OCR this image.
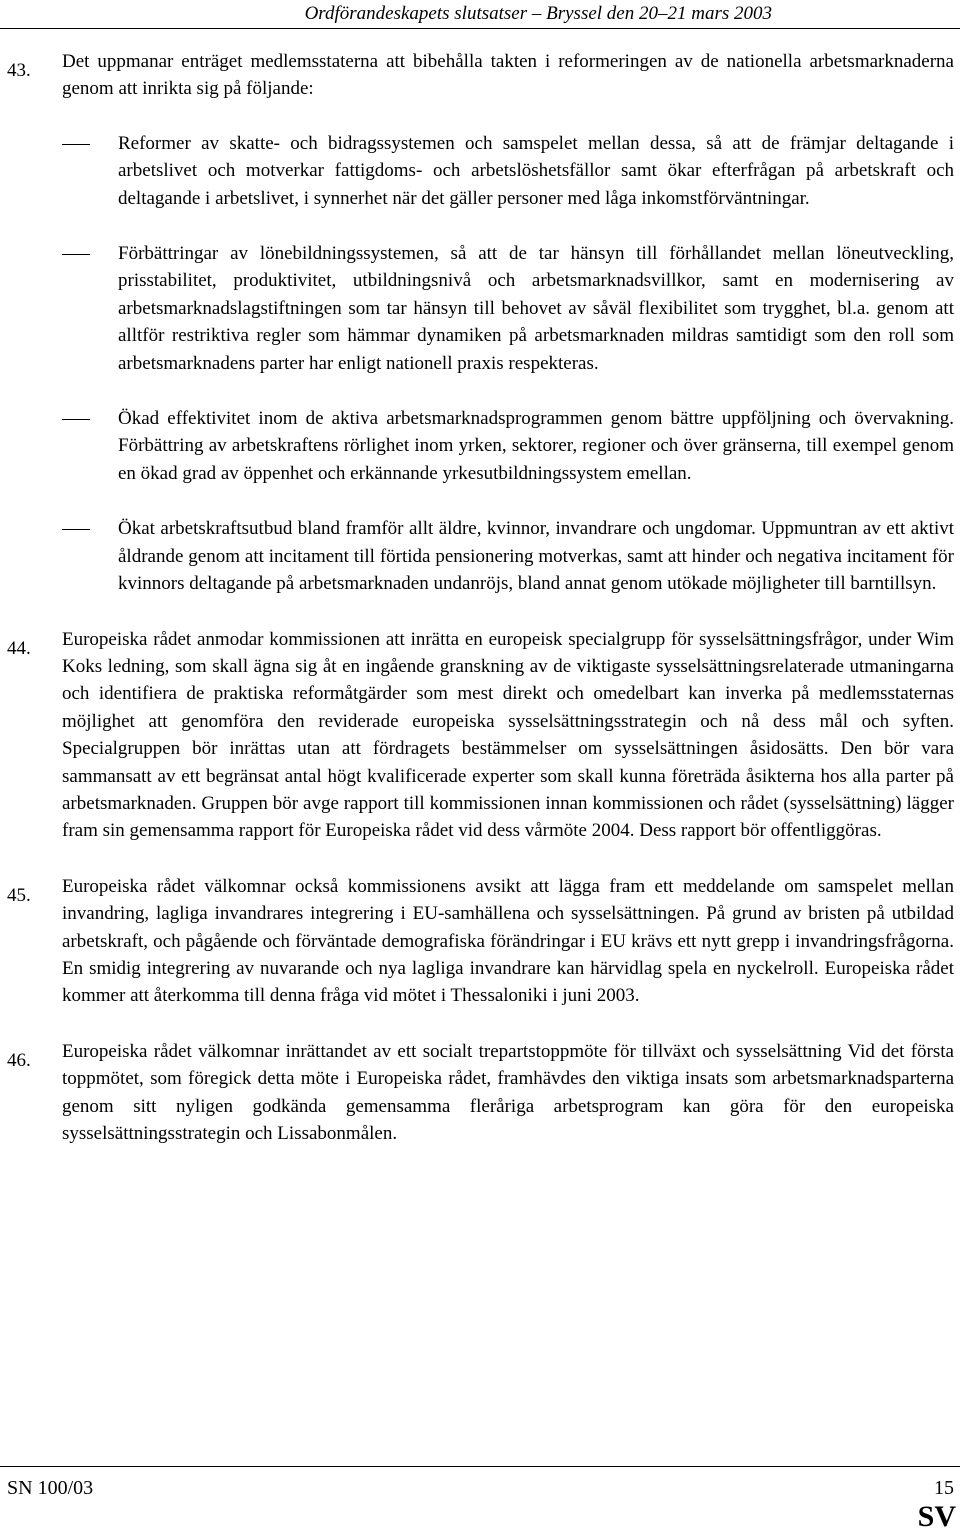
Ordförandeskapets slutsatser – Bryssel den 20–21 mars 2003
43. Det uppmanar enträget medlemsstaterna att bibehålla takten i reformeringen av de nationella arbetsmarknaderna genom att inrikta sig på följande:
Reformer av skatte- och bidragssystemen och samspelet mellan dessa, så att de främjar deltagande i arbetslivet och motverkar fattigdoms- och arbetslöshetsfällor samt ökar efterfrågan på arbetskraft och deltagande i arbetslivet, i synnerhet när det gäller personer med låga inkomstförväntningar.
Förbättringar av lönebildningssystemen, så att de tar hänsyn till förhållandet mellan löneutveckling, prisstabilitet, produktivitet, utbildningsnivå och arbetsmarknadsvillkor, samt en modernisering av arbetsmarknadslagstiftningen som tar hänsyn till behovet av såväl flexibilitet som trygghet, bl.a. genom att alltför restriktiva regler som hämmar dynamiken på arbetsmarknaden mildras samtidigt som den roll som arbetsmarknadens parter har enligt nationell praxis respekteras.
Ökad effektivitet inom de aktiva arbetsmarknadsprogrammen genom bättre uppföljning och övervakning. Förbättring av arbetskraftens rörlighet inom yrken, sektorer, regioner och över gränserna, till exempel genom en ökad grad av öppenhet och erkännande yrkesutbildningssystem emellan.
Ökat arbetskraftsutbud bland framför allt äldre, kvinnor, invandrare och ungdomar. Uppmuntran av ett aktivt åldrande genom att incitament till förtida pensionering motverkas, samt att hinder och negativa incitament för kvinnors deltagande på arbetsmarknaden undanröjs, bland annat genom utökade möjligheter till barntillsyn.
44. Europeiska rådet anmodar kommissionen att inrätta en europeisk specialgrupp för sysselsättningsfrågor, under Wim Koks ledning, som skall ägna sig åt en ingående granskning av de viktigaste sysselsättningsrelaterade utmaningarna och identifiera de praktiska reformåtgärder som mest direkt och omedelbart kan inverka på medlemsstaternas möjlighet att genomföra den reviderade europeiska sysselsättningsstrategin och nå dess mål och syften. Specialgruppen bör inrättas utan att fördragets bestämmelser om sysselsättningen åsidosätts. Den bör vara sammansatt av ett begränsat antal högt kvalificerade experter som skall kunna företräda åsikterna hos alla parter på arbetsmarknaden. Gruppen bör avge rapport till kommissionen innan kommissionen och rådet (sysselsättning) lägger fram sin gemensamma rapport för Europeiska rådet vid dess vårmöte 2004. Dess rapport bör offentliggöras.
45. Europeiska rådet välkomnar också kommissionens avsikt att lägga fram ett meddelande om samspelet mellan invandring, lagliga invandrares integrering i EU-samhällena och sysselsättningen. På grund av bristen på utbildad arbetskraft, och pågående och förväntade demografiska förändringar i EU krävs ett nytt grepp i invandringsfrågorna. En smidig integrering av nuvarande och nya lagliga invandrare kan härvidlag spela en nyckelroll. Europeiska rådet kommer att återkomma till denna fråga vid mötet i Thessaloniki i juni 2003.
46. Europeiska rådet välkomnar inrättandet av ett socialt trepartstoppmöte för tillväxt och sysselsättning Vid det första toppmötet, som föregick detta möte i Europeiska rådet, framhävdes den viktiga insats som arbetsmarknadsparterna genom sitt nyligen godkända gemensamma fleråriga arbetsprogram kan göra för den europeiska sysselsättningsstrategin och Lissabonmålen.
SN 100/03	15
SV
